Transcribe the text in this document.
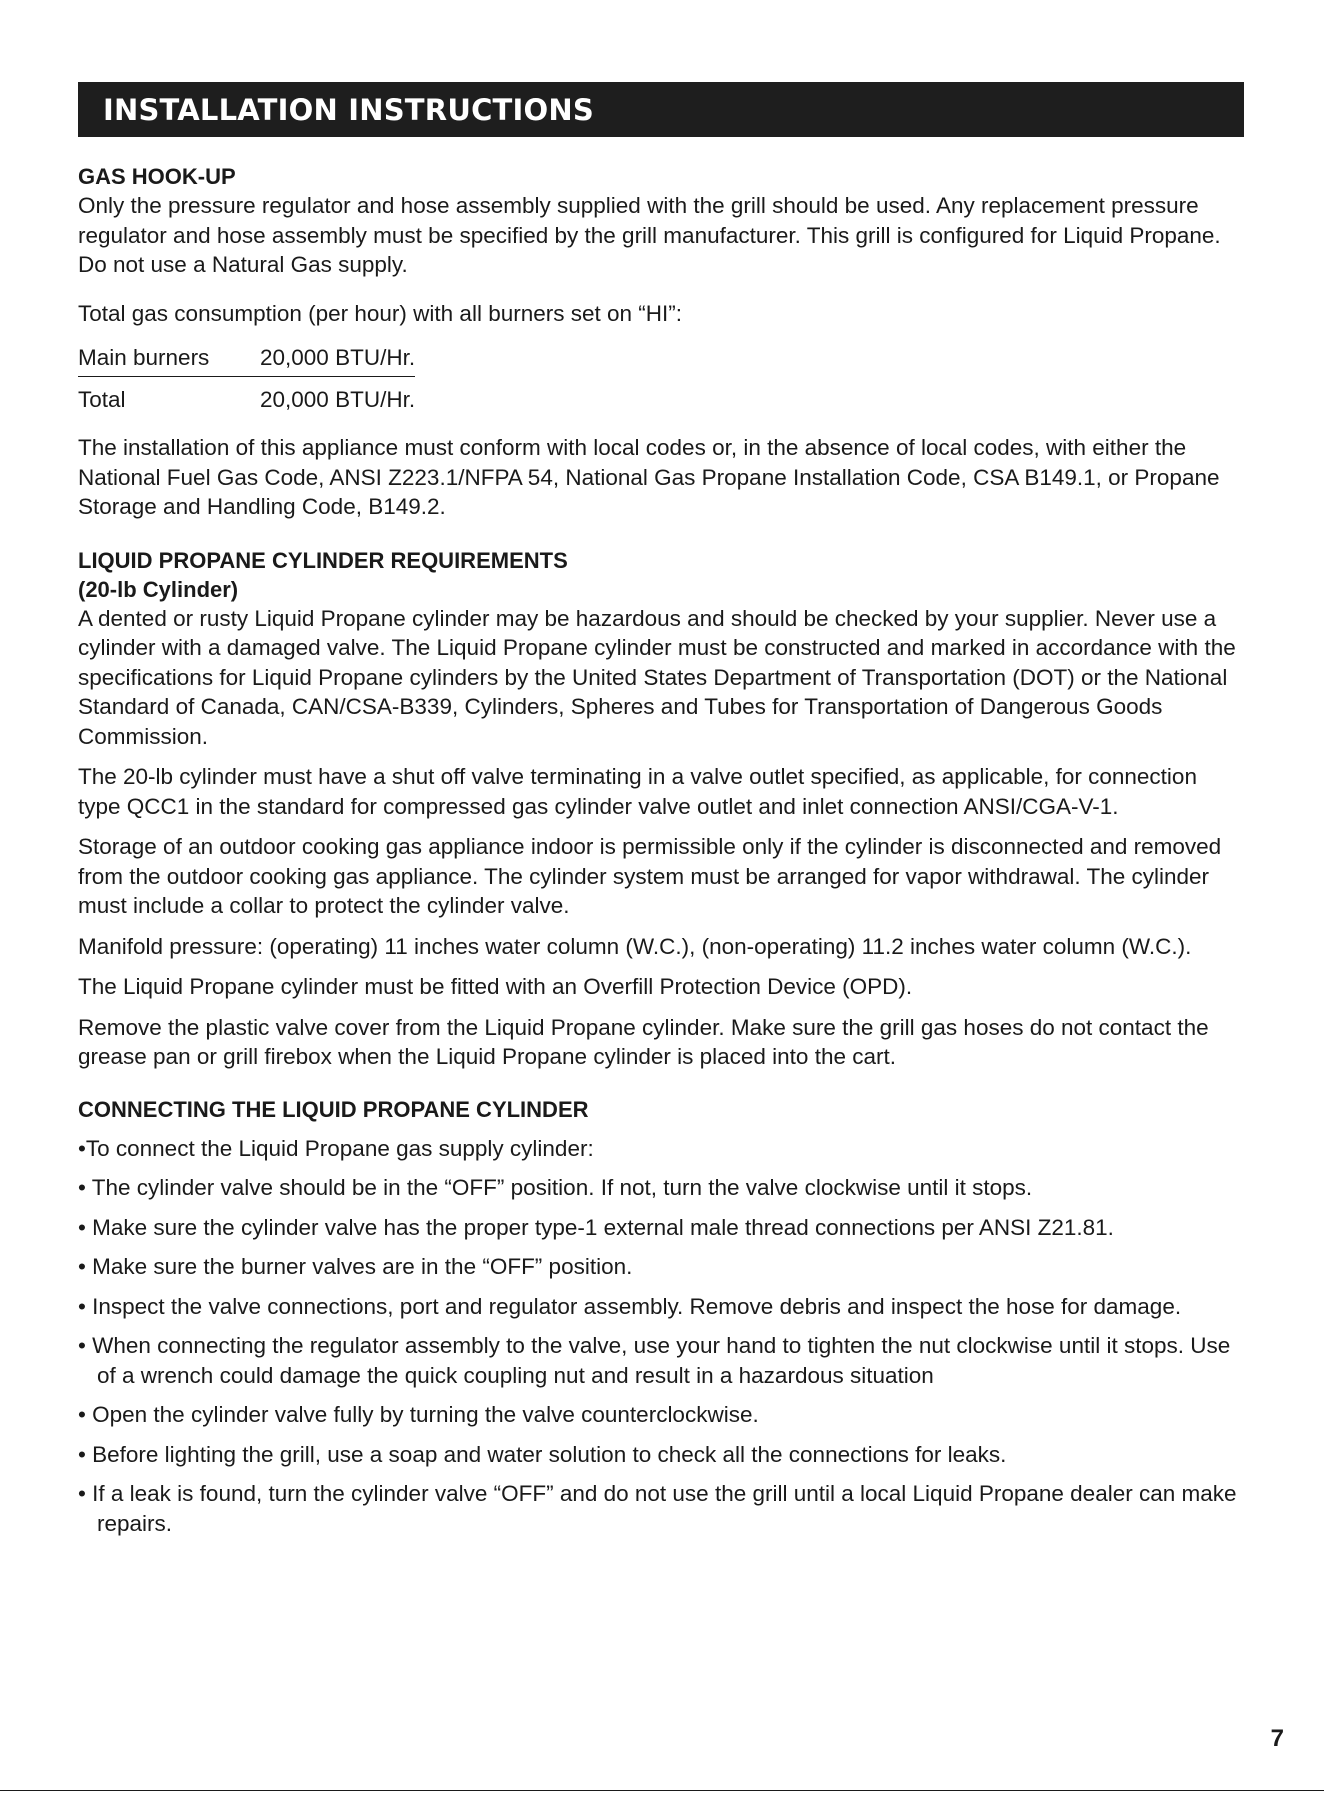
INSTALLATION INSTRUCTIONS
GAS HOOK-UP

Only the pressure regulator and hose assembly supplied with the grill should be used. Any replacement pressure regulator and hose assembly must be specified by the grill manufacturer. This grill is configured for Liquid Propane. Do not use a Natural Gas supply.

Total gas consumption (per hour) with all burners set on “HI”:

Main burners	20,000 BTU/Hr.
Total	20,000 BTU/Hr.

The installation of this appliance must conform with local codes or, in the absence of local codes, with either the National Fuel Gas Code, ANSI Z223.1/NFPA 54, National Gas Propane Installation Code, CSA B149.1, or Propane Storage and Handling Code, B149.2.

LIQUID PROPANE CYLINDER REQUIREMENTS
(20-lb Cylinder)

A dented or rusty Liquid Propane cylinder may be hazardous and should be checked by your supplier. Never use a cylinder with a damaged valve. The Liquid Propane cylinder must be constructed and marked in accordance with the specifications for Liquid Propane cylinders by the United States Department of Transportation (DOT) or the National Standard of Canada, CAN/CSA-B339, Cylinders, Spheres and Tubes for Transportation of Dangerous Goods Commission.

The 20-lb cylinder must have a shut off valve terminating in a valve outlet specified, as applicable, for connection type QCC1 in the standard for compressed gas cylinder valve outlet and inlet connection ANSI/CGA-V-1.

Storage of an outdoor cooking gas appliance indoor is permissible only if the cylinder is disconnected and removed from the outdoor cooking gas appliance. The cylinder system must be arranged for vapor withdrawal. The cylinder must include a collar to protect the cylinder valve.

Manifold pressure: (operating) 11 inches water column (W.C.), (non-operating) 11.2 inches water column (W.C.).

The Liquid Propane cylinder must be fitted with an Overfill Protection Device (OPD).

Remove the plastic valve cover from the Liquid Propane cylinder. Make sure the grill gas hoses do not contact the grease pan or grill firebox when the Liquid Propane cylinder is placed into the cart.

CONNECTING THE LIQUID PROPANE CYLINDER
•To connect the Liquid Propane gas supply cylinder:
• The cylinder valve should be in the “OFF” position. If not, turn the valve clockwise until it stops.
• Make sure the cylinder valve has the proper type-1 external male thread connections per ANSI Z21.81.
• Make sure the burner valves are in the “OFF” position.
• Inspect the valve connections, port and regulator assembly. Remove debris and inspect the hose for damage.
• When connecting the regulator assembly to the valve, use your hand to tighten the nut clockwise until it stops. Use of a wrench could damage the quick coupling nut and result in a hazardous situation
• Open the cylinder valve fully by turning the valve counterclockwise.
• Before lighting the grill, use a soap and water solution to check all the connections for leaks.
• If a leak is found, turn the cylinder valve “OFF” and do not use the grill until a local Liquid Propane dealer can make repairs.
7
